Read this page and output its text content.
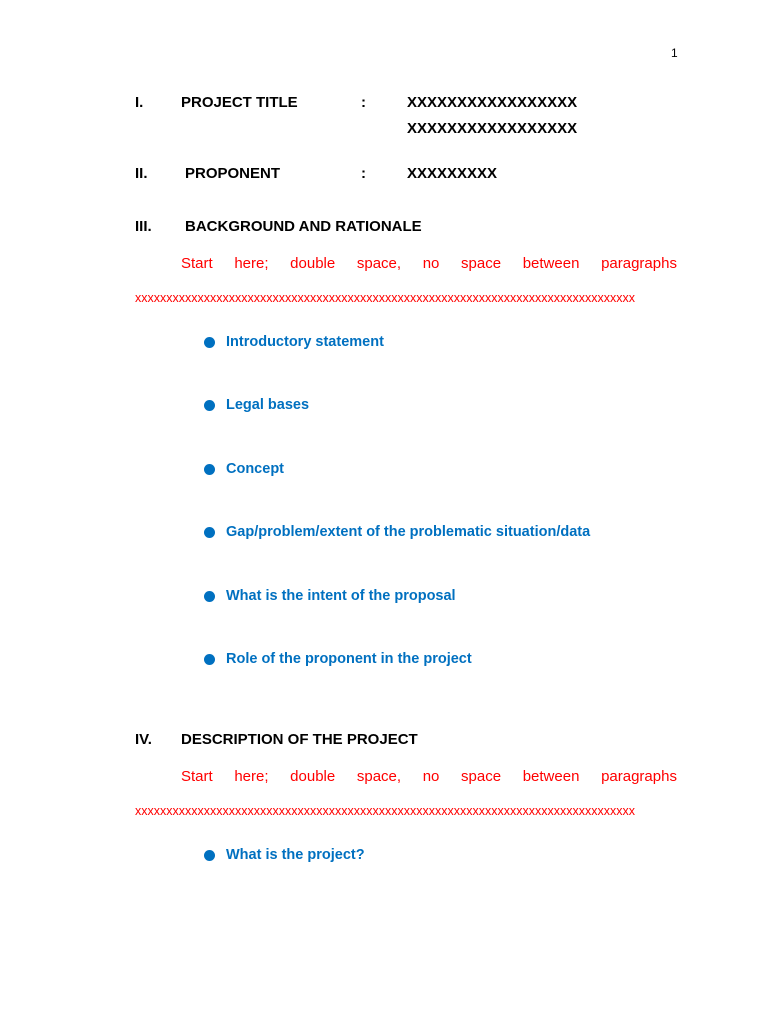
1
I.	PROJECT TITLE	:	XXXXXXXXXXXXXXXXX
XXXXXXXXXXXXXXXXX
II. PROPONENT	:	XXXXXXXXX
III. BACKGROUND AND RATIONALE
Start here; double space, no space between paragraphs
xxxxxxxxxxxxxxxxxxxxxxxxxxxxxxxxxxxxxxxxxxxxxxxxxxxxxxxxxxxxxxxxxxxxxxxxxxxxxxxx
Introductory statement
Legal bases
Concept
Gap/problem/extent of the problematic situation/data
What is the intent of the proposal
Role of the proponent in the project
IV. DESCRIPTION OF THE PROJECT
Start here; double space, no space between paragraphs
xxxxxxxxxxxxxxxxxxxxxxxxxxxxxxxxxxxxxxxxxxxxxxxxxxxxxxxxxxxxxxxxxxxxxxxxxxxxxxxx
What is the project?
